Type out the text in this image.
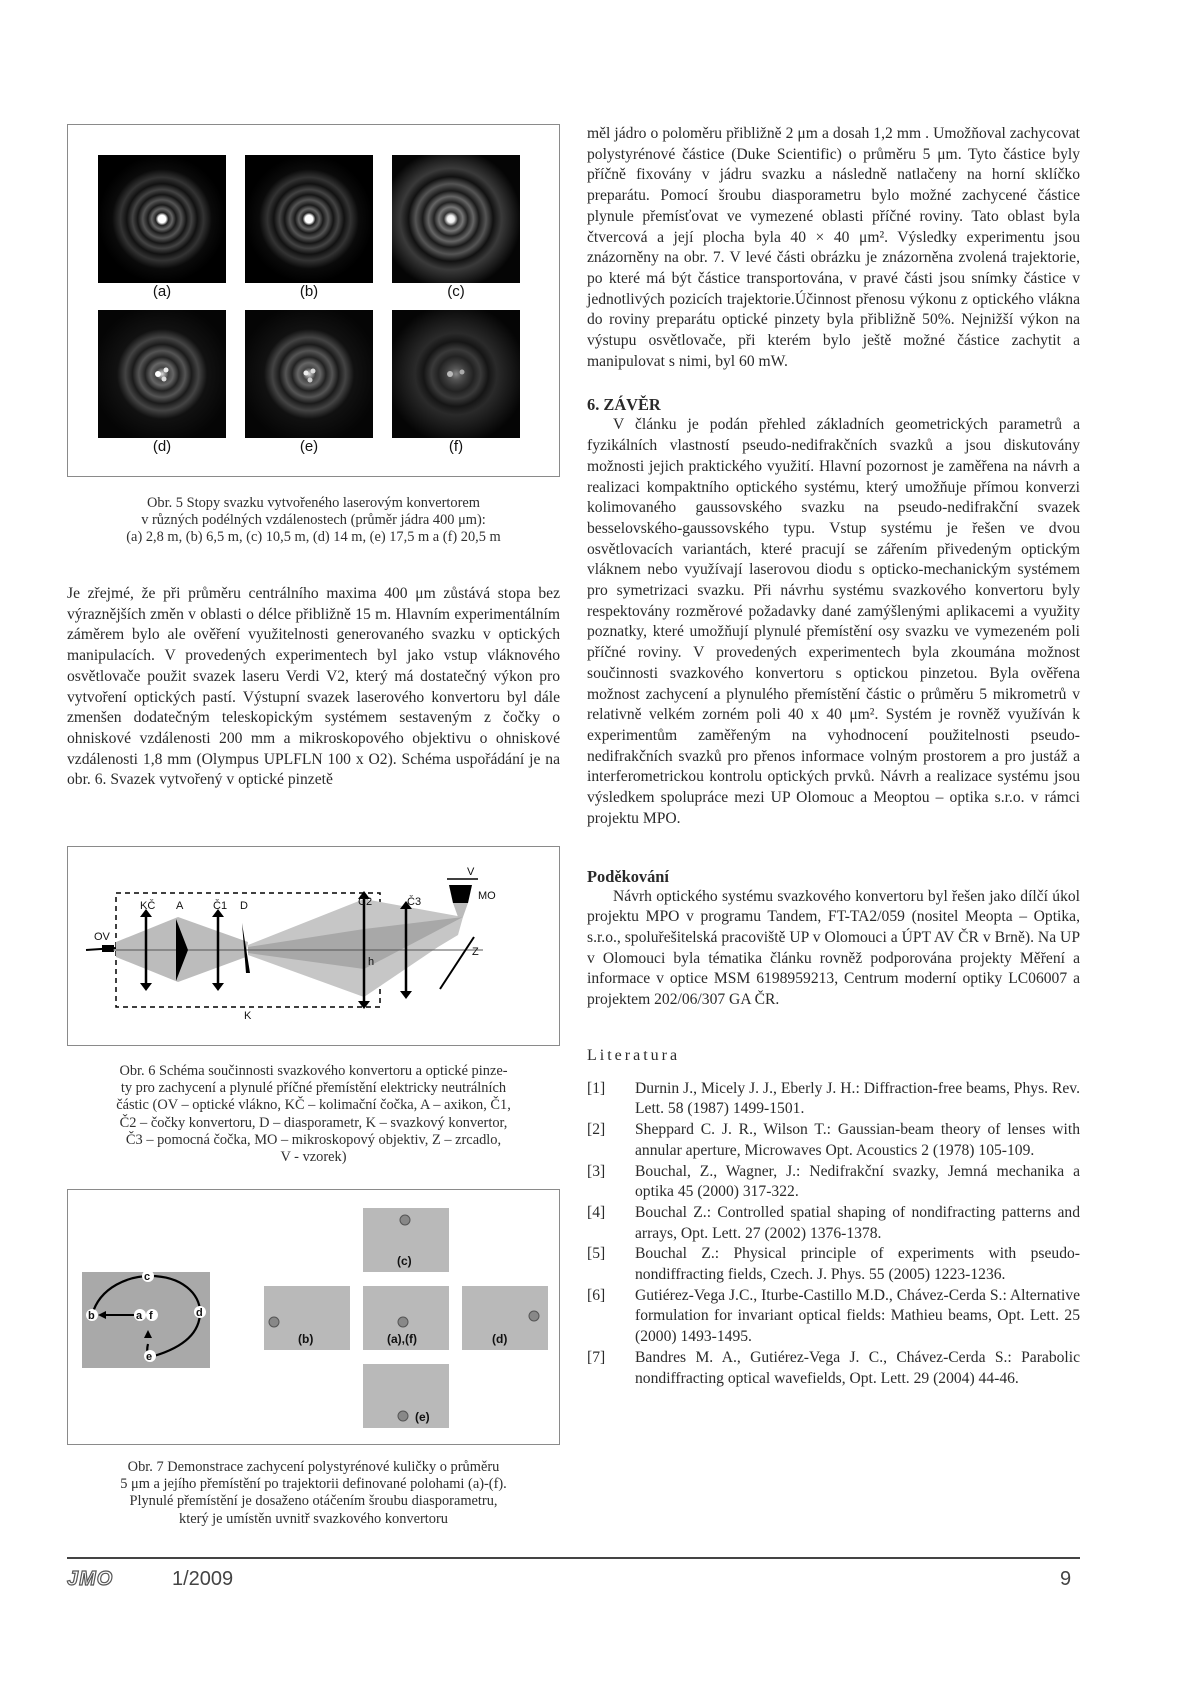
(a)	(b)	(c)
(d)	(e)	(f)
Obr. 5 Stopy svazku vytvořeného laserovým konvertorem
v různých podélných vzdálenostech (průměr jádra 400 μm):
(a) 2,8 m, (b) 6,5 m, (c) 10,5 m, (d) 14 m, (e) 17,5 m a (f) 20,5 m

Je zřejmé, že při průměru centrálního maxima 400 μm zůstává stopa bez výraznějších změn v oblasti o délce přibližně 15 m. Hlavním experimentálním záměrem bylo ale ověření využitelnosti generovaného svazku v optických manipulacích. V provedených experimentech byl jako vstup vláknového osvětlovače použit svazek laseru Verdi V2, který má dostatečný výkon pro vytvoření optických pastí. Výstupní svazek laserového konvertoru byl dále zmenšen dodatečným teleskopickým systémem sestaveným z čočky o ohniskové vzdálenosti 200 mm a mikroskopového objektivu o ohniskové vzdálenosti 1,8 mm (Olympus UPLFLN 100 x O2). Schéma uspořádání je na obr. 6. Svazek vytvořený v optické pinzetě

OV
KČ A	Č1 D	Č2	Č3	MO
V
K
h
Z
Obr. 6 Schéma součinnosti svazkového konvertoru a optické pinze-
ty pro zachycení a plynulé příčné přemístění elektricky neutrálních
částic (OV – optické vlákno, KČ – kolimační čočka, A – axikon, Č1,
Č2 – čočky konvertoru, D – diasporametr, K – svazkový konvertor,
Č3 – pomocná čočka, MO – mikroskopový objektiv, Z – zrcadlo,
V - vzorek)
c
b	a f	d
e
(c)
(b)	(a),(f)	(d)
(e)
Obr. 7 Demonstrace zachycení polystyrénové kuličky o průměru
5 μm a jejího přemístění po trajektorii definované polohami (a)-(f).
Plynulé přemístění je dosaženo otáčením šroubu diasporametru,
který je umístěn uvnitř svazkového konvertoru

měl jádro o poloměru přibližně 2 μm a dosah 1,2 mm . Umožňoval zachycovat polystyrénové částice (Duke Scientific) o průměru 5 μm. Tyto částice byly příčně fixovány v jádru svazku a následně natlačeny na horní sklíčko preparátu. Pomocí šroubu diasporametru bylo možné zachycené částice plynule přemísťovat ve vymezené oblasti příčné roviny. Tato oblast byla čtvercová a její plocha byla 40 × 40 μm². Výsledky experimentu jsou znázorněny na obr. 7. V levé části obrázku je znázorněna zvolená trajektorie, po které má být částice transportována, v pravé části jsou snímky částice v jednotlivých pozicích trajektorie.Účinnost přenosu výkonu z optického vlákna do roviny preparátu optické pinzety byla přibližně 50%. Nejnižší výkon na výstupu osvětlovače, při kterém bylo ještě možné částice zachytit a manipulovat s nimi, byl 60 mW.

6. ZÁVĚR

V článku je podán přehled základních geometrických parametrů a fyzikálních vlastností pseudo-nedifrakčních svazků a jsou diskutovány možnosti jejich praktického využití. Hlavní pozornost je zaměřena na návrh a realizaci kompaktního optického systému, který umožňuje přímou konverzi kolimovaného gaussovského svazku na pseudo-nedifrakční svazek besselovského-gaussovského typu. Vstup systému je řešen ve dvou osvětlovacích variantách, které pracují se zářením přivedeným optickým vláknem nebo využívají laserovou diodu s opticko-mechanickým systémem pro symetrizaci svazku. Při návrhu systému svazkového konvertoru byly respektovány rozměrové požadavky dané zamýšlenými aplikacemi a využity poznatky, které umožňují plynulé přemístění osy svazku ve vymezeném poli příčné roviny. V provedených experimentech byla zkoumána možnost součinnosti svazkového konvertoru s optickou pinzetou. Byla ověřena možnost zachycení a plynulého přemístění částic o průměru 5 mikrometrů v relativně velkém zorném poli 40 x 40 μm². Systém je rovněž využíván k experimentům zaměřeným na vyhodnocení použitelnosti pseudo-nedifrakčních svazků pro přenos informace volným prostorem a pro justáž a interferometrickou kontrolu optických prvků. Návrh a realizace systému jsou výsledkem spolupráce mezi UP Olomouc a Meoptou – optika s.r.o. v rámci projektu MPO.

Poděkování

Návrh optického systému svazkového konvertoru byl řešen jako dílčí úkol projektu MPO v programu Tandem, FT-TA2/059 (nositel Meopta – Optika, s.r.o., spoluřešitelská pracoviště UP v Olomouci a ÚPT AV ČR v Brně). Na UP v Olomouci byla tématika článku rovněž podporována projekty Měření a informace v optice MSM 6198959213, Centrum moderní optiky LC06007 a projektem 202/06/307 GA ČR.

Literatura

[1] Durnin J., Micely J. J., Eberly J. H.: Diffraction-free beams, Phys. Rev. Lett. 58 (1987) 1499-1501.
[2] Sheppard C. J. R., Wilson T.: Gaussian-beam theory of lenses with annular aperture, Microwaves Opt. Acoustics 2 (1978) 105-109.
[3] Bouchal, Z., Wagner, J.: Nedifrakční svazky, Jemná mechanika a optika 45 (2000) 317-322.
[4] Bouchal Z.: Controlled spatial shaping of nondifracting patterns and arrays, Opt. Lett. 27 (2002) 1376-1378.
[5] Bouchal Z.: Physical principle of experiments with pseudo-nondiffracting fields, Czech. J. Phys. 55 (2005) 1223-1236.
[6] Gutiérez-Vega J.C., Iturbe-Castillo M.D., Chávez-Cerda S.: Alternative formulation for invariant optical fields: Mathieu beams, Opt. Lett. 25 (2000) 1493-1495.
[7] Bandres M. A., Gutiérez-Vega J. C., Chávez-Cerda S.: Parabolic nondiffracting optical wavefields, Opt. Lett. 29 (2004) 44-46.
JMO	1/2009	9
